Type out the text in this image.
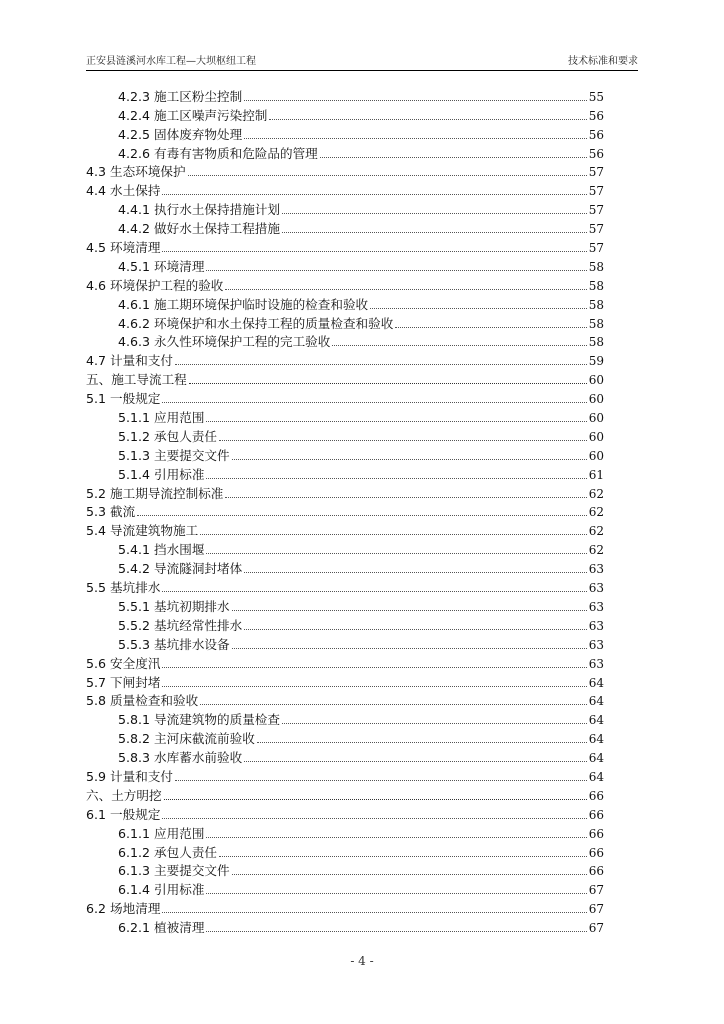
正安县涟溪河水库工程—大坝枢纽工程	技术标准和要求
4.2.3 施工区粉尘控制	55
4.2.4 施工区噪声污染控制	56
4.2.5 固体废弃物处理	56
4.2.6 有毒有害物质和危险品的管理	56
4.3 生态环境保护	57
4.4 水土保持	57
4.4.1 执行水土保持措施计划	57
4.4.2 做好水土保持工程措施	57
4.5 环境清理	57
4.5.1 环境清理	58
4.6 环境保护工程的验收	58
4.6.1 施工期环境保护临时设施的检查和验收	58
4.6.2 环境保护和水土保持工程的质量检查和验收	58
4.6.3 永久性环境保护工程的完工验收	58
4.7 计量和支付	59
五、施工导流工程	60
5.1 一般规定	60
5.1.1 应用范围	60
5.1.2 承包人责任	60
5.1.3 主要提交文件	60
5.1.4 引用标准	61
5.2 施工期导流控制标准	62
5.3 截流	62
5.4 导流建筑物施工	62
5.4.1 挡水围堰	62
5.4.2 导流隧洞封堵体	63
5.5 基坑排水	63
5.5.1 基坑初期排水	63
5.5.2 基坑经常性排水	63
5.5.3 基坑排水设备	63
5.6 安全度汛	63
5.7 下闸封堵	64
5.8 质量检查和验收	64
5.8.1 导流建筑物的质量检查	64
5.8.2 主河床截流前验收	64
5.8.3 水库蓄水前验收	64
5.9 计量和支付	64
六、土方明挖	66
6.1 一般规定	66
6.1.1 应用范围	66
6.1.2 承包人责任	66
6.1.3 主要提交文件	66
6.1.4 引用标准	67
6.2 场地清理	67
6.2.1 植被清理	67
- 4 -
